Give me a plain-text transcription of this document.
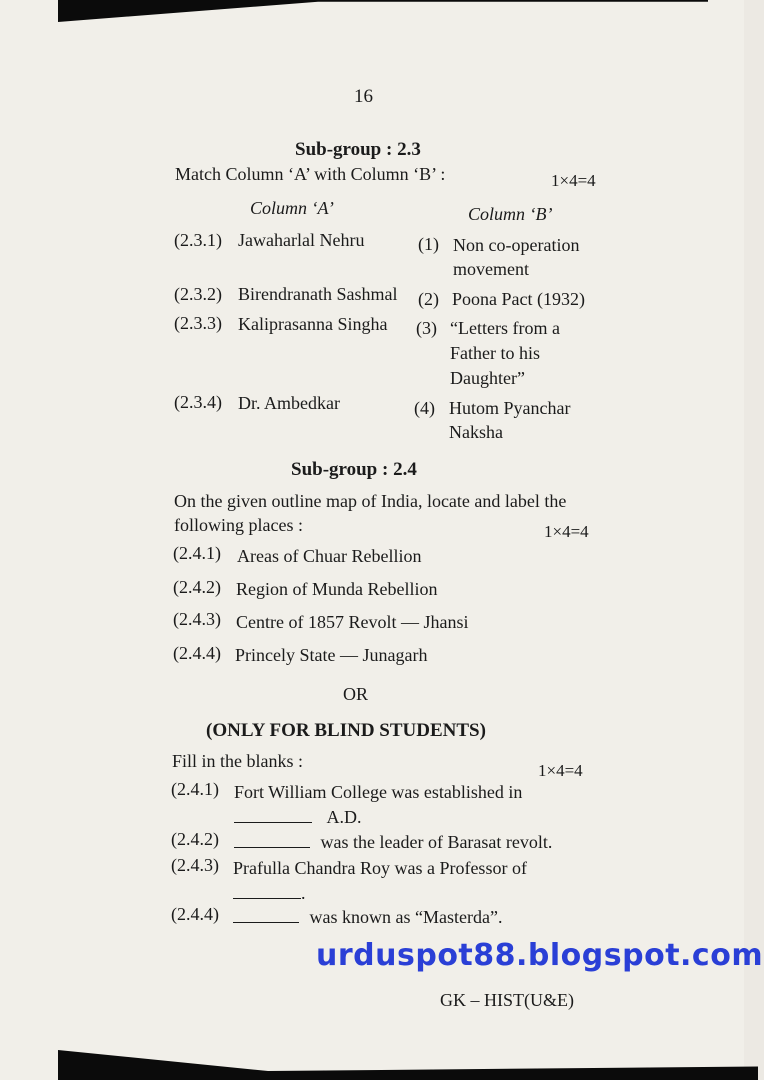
16
Sub-group : 2.3
Match Column ‘A’ with Column ‘B’ :	1×4=4
Column ‘A’	Column ‘B’
(2.3.1) Jawaharlal Nehru	(1) Non co-operation
movement
(2.3.2) Birendranath Sashmal (2) Poona Pact (1932)
(2.3.3) Kaliprasanna Singha (3) “Letters from a
Father to his
Daughter”
(2.3.4) Dr. Ambedkar	(4) Hutom Pyanchar
Naksha
Sub-group : 2.4
On the given outline map of India, locate and label the
following places :	1×4=4
(2.4.1) Areas of Chuar Rebellion
(2.4.2) Region of Munda Rebellion
(2.4.3) Centre of 1857 Revolt — Jhansi
(2.4.4) Princely State — Junagarh
OR
(ONLY FOR BLIND STUDENTS)
Fill in the blanks :	1×4=4
(2.4.1) Fort William College was established in
A.D.
(2.4.2)	was the leader of Barasat revolt.
(2.4.3) Prafulla Chandra Roy was a Professor of
.
(2.4.4)	was known as “Masterda”.
urduspot88.blogspot.com
GK – HIST(U&E)
